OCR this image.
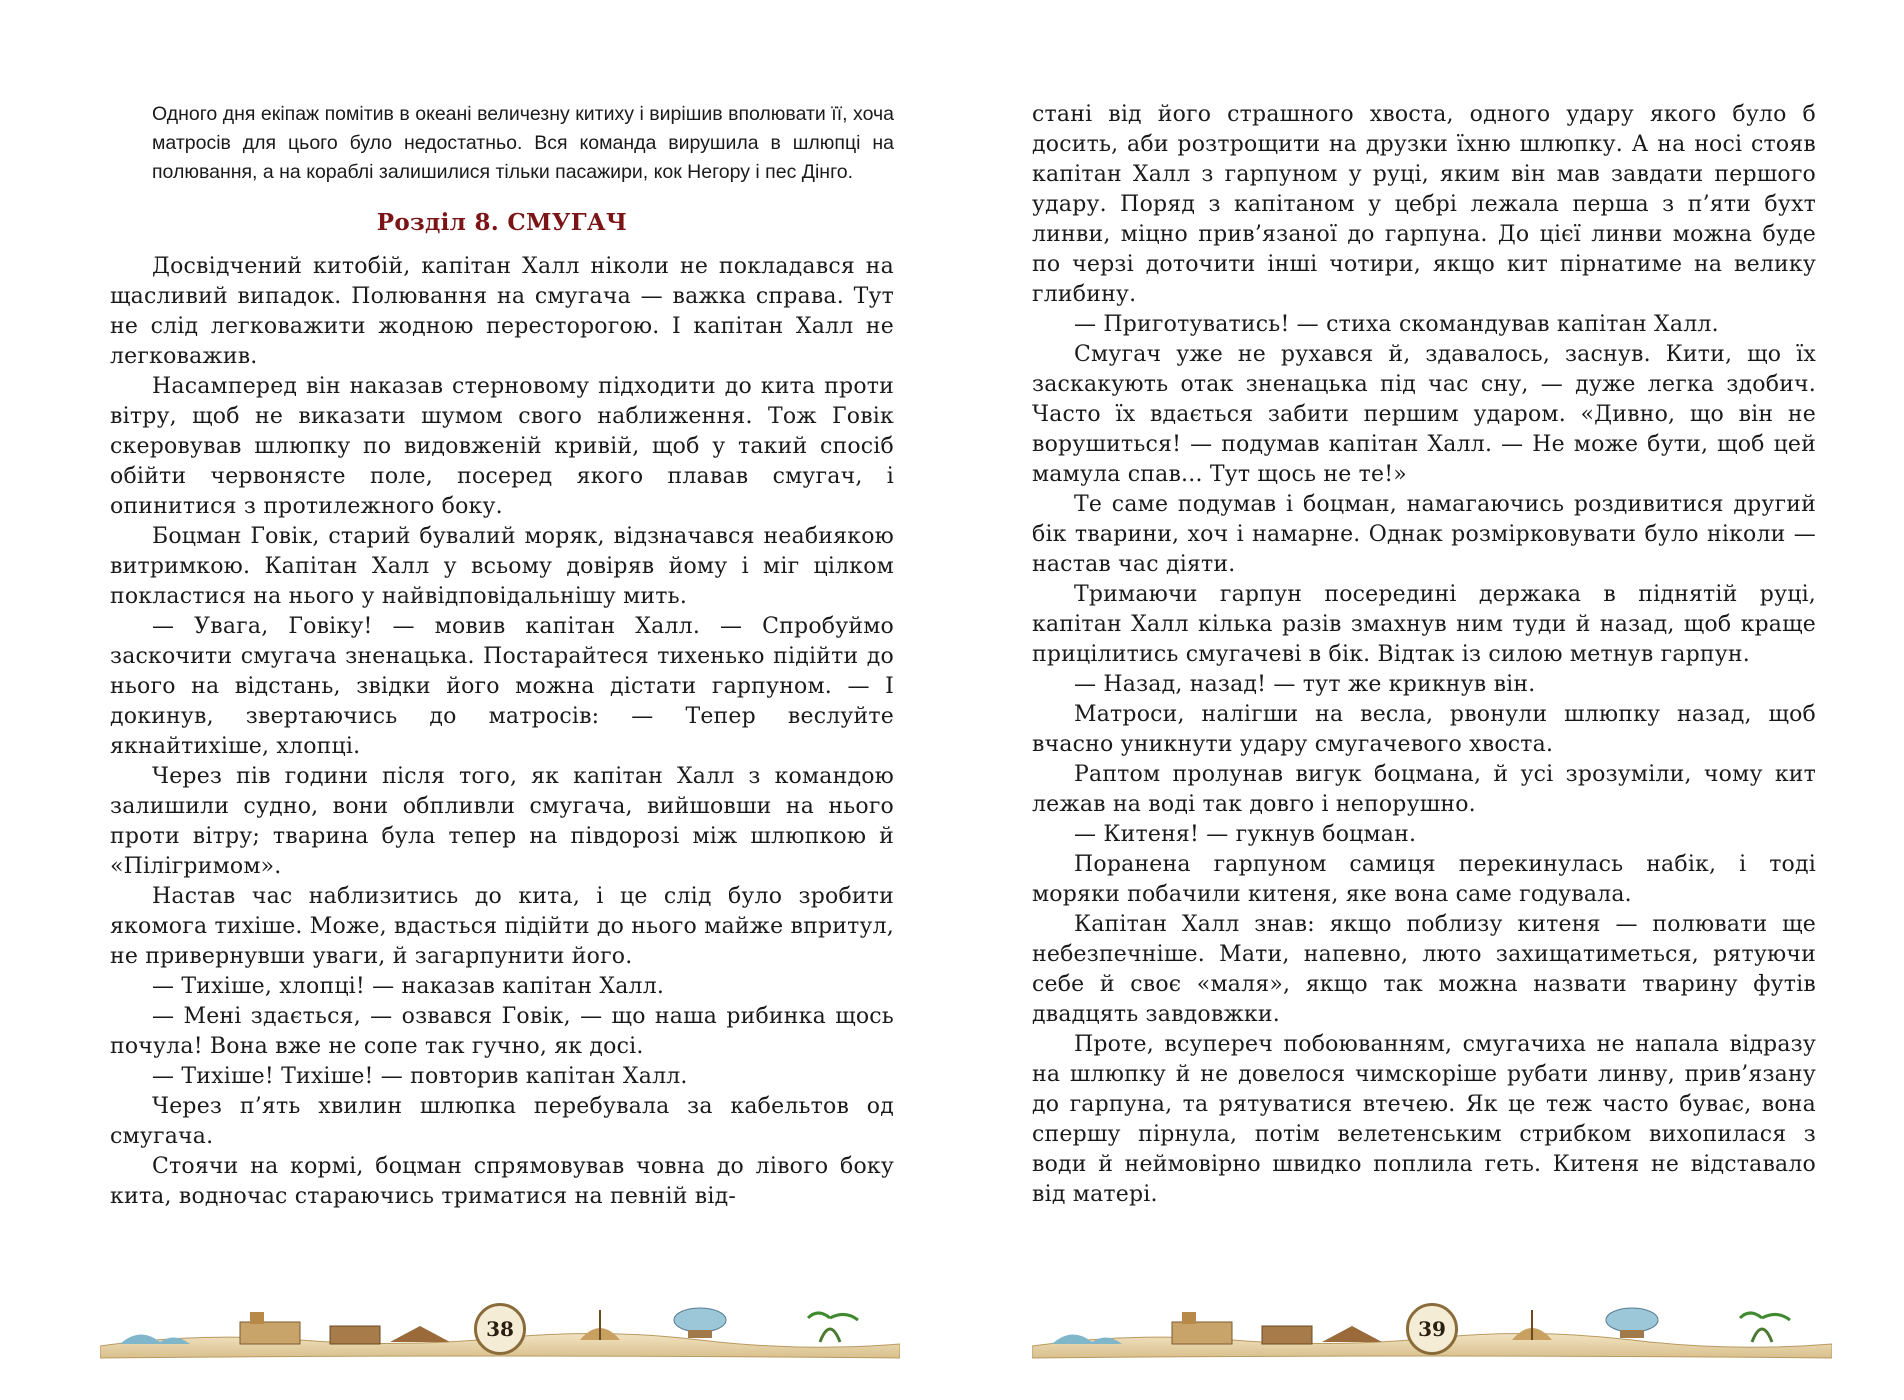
Одного дня екіпаж помітив в океані величезну китиху і вирішив вполювати її, хоча матросів для цього було недостатньо. Вся команда вирушила в шлюпці на полювання, а на кораблі залишилися тільки пасажири, кок Негору і пес Дінго.

Розділ 8. СМУГАЧ

Досвідчений китобій, капітан Халл ніколи не покладався на щасливий випадок. Полювання на смугача — важка справа. Тут не слід легковажити жодною пересторогою. І капітан Халл не легковажив.

Насамперед він наказав стерновому підходити до кита проти вітру, щоб не виказати шумом свого наближення. Тож Говік скеровував шлюпку по видовженій кривій, щоб у такий спосіб обійти червонясте поле, посеред якого плавав смугач, і опинитися з протилежного боку.

Боцман Говік, старий бувалий моряк, відзначався неабиякою витримкою. Капітан Халл у всьому довіряв йому і міг цілком покластися на нього у найвідповідальнішу мить.

— Увага, Говіку! — мовив капітан Халл. — Спробуймо заскочити смугача зненацька. Постарайтеся тихенько підійти до нього на відстань, звідки його можна дістати гарпуном. — І докинув, звертаючись до матросів: — Тепер веслуйте якнайтихіше, хлопці.

Через пів години після того, як капітан Халл з командою залишили судно, вони обпливли смугача, вийшовши на нього проти вітру; тварина була тепер на півдорозі між шлюпкою й «Пілігримом».

Настав час наблизитись до кита, і це слід було зробити якомога тихіше. Може, вдасться підійти до нього майже впритул, не привернувши уваги, й загарпунити його.

— Тихіше, хлопці! — наказав капітан Халл.

— Мені здається, — озвався Говік, — що наша рибинка щось почула! Вона вже не сопе так гучно, як досі.

— Тихіше! Тихіше! — повторив капітан Халл.

Через п’ять хвилин шлюпка перебувала за кабельтов од смугача.

Стоячи на кормі, боцман спрямовував човна до лівого боку кита, водночас стараючись триматися на певній від-

38

стані від його страшного хвоста, одного удару якого було б досить, аби розтрощити на друзки їхню шлюпку. А на носі стояв капітан Халл з гарпуном у руці, яким він мав завдати першого удару. Поряд з капітаном у цебрі лежала перша з п’яти бухт линви, міцно прив’язаної до гарпуна. До цієї линви можна буде по черзі доточити інші чотири, якщо кит пірнатиме на велику глибину.

— Приготуватись! — стиха скомандував капітан Халл.

Смугач уже не рухався й, здавалось, заснув. Кити, що їх заскакують отак зненацька під час сну, — дуже легка здобич. Часто їх вдається забити першим ударом. «Дивно, що він не ворушиться! — подумав капітан Халл. — Не може бути, щоб цей мамула спав... Тут щось не те!»

Те саме подумав і боцман, намагаючись роздивитися другий бік тварини, хоч і намарне. Однак розмірковувати було ніколи — настав час діяти.

Тримаючи гарпун посередині держака в піднятій руці, капітан Халл кілька разів змахнув ним туди й назад, щоб краще прицілитись смугачеві в бік. Відтак із силою метнув гарпун.

— Назад, назад! — тут же крикнув він.

Матроси, налігши на весла, рвонули шлюпку назад, щоб вчасно уникнути удару смугачевого хвоста.

Раптом пролунав вигук боцмана, й усі зрозуміли, чому кит лежав на воді так довго і непорушно.

— Китеня! — гукнув боцман.

Поранена гарпуном самиця перекинулась набік, і тоді моряки побачили китеня, яке вона саме годувала.

Капітан Халл знав: якщо поблизу китеня — полювати ще небезпечніше. Мати, напевно, люто захищатиметься, рятуючи себе й своє «маля», якщо так можна назвати тварину футів двадцять завдовжки.

Проте, всупереч побоюванням, смугачиха не напала відразу на шлюпку й не довелося чимскоріше рубати линву, прив’язану до гарпуна, та рятуватися втечею. Як це теж часто буває, вона спершу пірнула, потім велетенським стрибком вихопилася з води й неймовірно швидко поплила геть. Китеня не відставало від матері.

39
